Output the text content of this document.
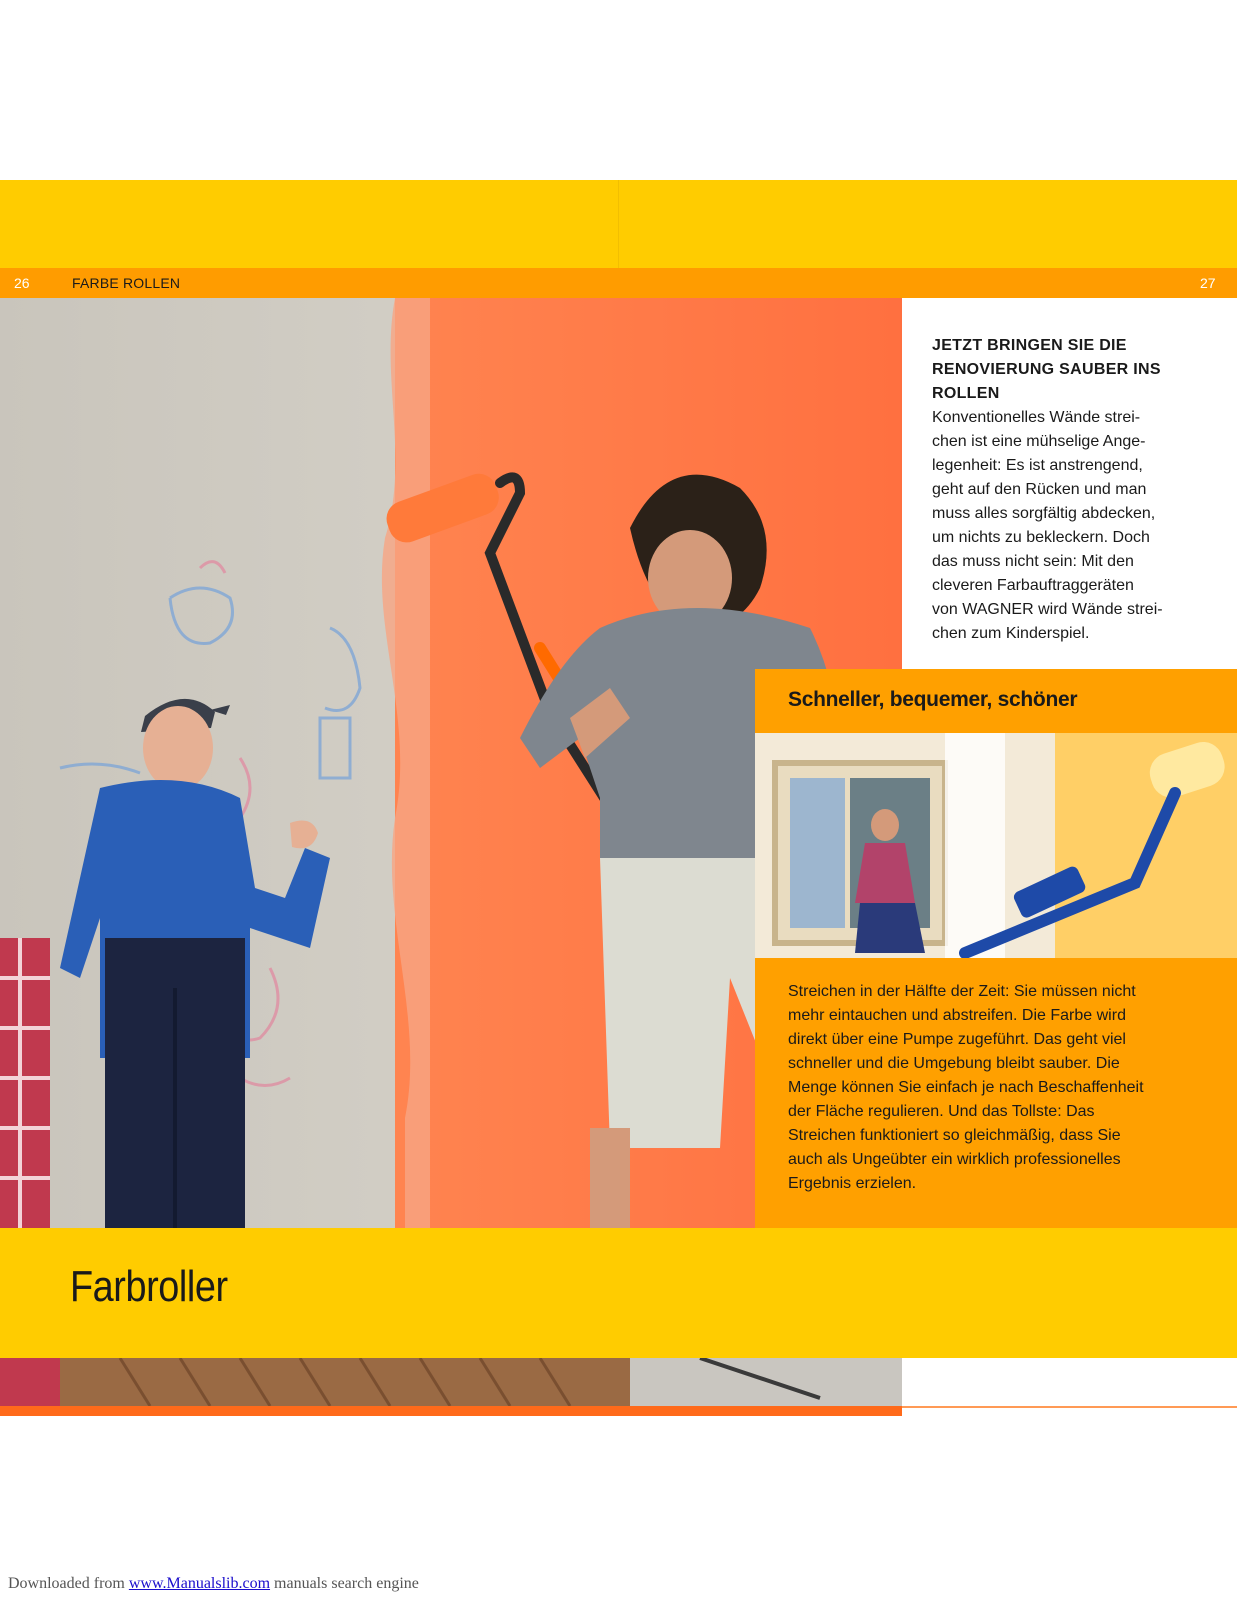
26	FARBE ROLLEN	27
JETZT BRINGEN SIE DIE RENOVIERUNG SAUBER INS ROLLEN
Konventionelles Wände strei-
chen ist eine mühselige Ange-
legenheit: Es ist anstrengend,
geht auf den Rücken und man
muss alles sorgfältig abdecken,
um nichts zu bekleckern. Doch
das muss nicht sein: Mit den
cleveren Farbauftraggeräten
von WAGNER wird Wände strei-
chen zum Kinderspiel.
Schneller, bequemer, schöner
Streichen in der Hälfte der Zeit: Sie müssen nicht
mehr eintauchen und abstreifen. Die Farbe wird
direkt über eine Pumpe zugeführt. Das geht viel
schneller und die Umgebung bleibt sauber. Die
Menge können Sie einfach je nach Beschaffenheit
der Fläche regulieren. Und das Tollste: Das
Streichen funktioniert so gleichmäßig, dass Sie
auch als Ungeübter ein wirklich professionelles
Ergebnis erzielen.
Farbroller
Downloaded from www.Manualslib.com manuals search engine
